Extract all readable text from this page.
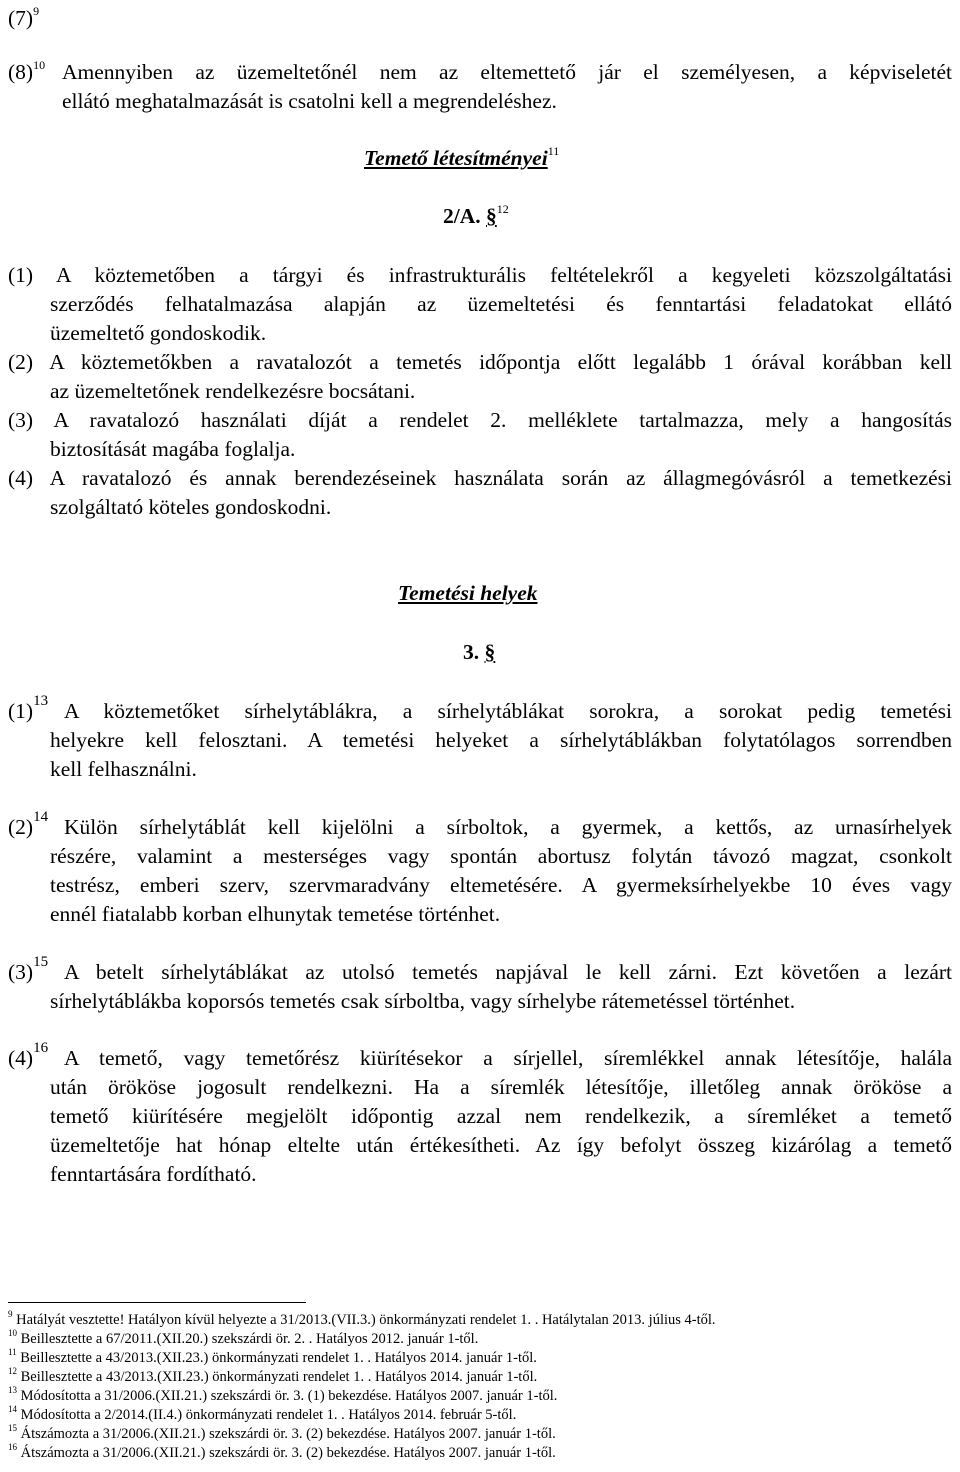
$(7)^9$
$(8)^{10}$ Amennyiben az üzemeltetőnél nem az eltemettető jár el személyesen, a képviseletét
ellátó meghatalmazását is csatolni kell a megrendeléshez.
Temető létesítményei$^{11}$
2/A. §$^{12}$
(1) A köztemetőben a tárgyi és infrastrukturális feltételekről a kegyeleti közszolgáltatási
szerződés felhatalmazása alapján az üzemeltetési és fenntartási feladatokat ellátó
üzemeltető gondoskodik.
(2) A köztemetőkben a ravatalozót a temetés időpontja előtt legalább 1 órával korábban kell
az üzemeltetőnek rendelkezésre bocsátani.
(3) A ravatalozó használati díját a rendelet 2. melléklete tartalmazza, mely a hangosítás
biztosítását magába foglalja.
(4) A ravatalozó és annak berendezéseinek használata során az állagmegóvásról a temetkezési
szolgáltató köteles gondoskodni.
Temetési helyek
3. §
$(1)^{13}$ A köztemetőket sírhelytáblákra, a sírhelytáblákat sorokra, a sorokat pedig temetési
helyekre kell felosztani. A temetési helyeket a sírhelytáblákban folytatólagos sorrendben
kell felhasználni.
$(2)^{14}$ Külön sírhelytáblát kell kijelölni a sírboltok, a gyermek, a kettős, az urnasírhelyek
részére, valamint a mesterséges vagy spontán abortusz folytán távozó magzat, csonkolt
testrész, emberi szerv, szervmaradvány eltemetésére. A gyermeksírhelyekbe 10 éves vagy
ennél fiatalabb korban elhunytak temetése történhet.
$(3)^{15}$ A betelt sírhelytáblákat az utolsó temetés napjával le kell zárni. Ezt követően a lezárt
sírhelytáblákba koporsós temetés csak sírboltba, vagy sírhelybe rátemetéssel történhet.
$(4)^{16}$ A temető, vagy temetőrész kiürítésekor a sírjellel, síremlékkel annak létesítője, halála
után örököse jogosult rendelkezni. Ha a síremlék létesítője, illetőleg annak örököse a
temető kiürítésére megjelölt időpontig azzal nem rendelkezik, a síremléket a temető
üzemeltetője hat hónap eltelte után értékesítheti. Az így befolyt összeg kizárólag a temető
fenntartására fordítható.
$^9$ Hatályát vesztette! Hatályon kívül helyezte a 31/2013.(VII.3.) önkormányzati rendelet 1. . Hatálytalan 2013. július 4-től.
$^{10}$ Beillesztette a 67/2011.(XII.20.) szekszárdi ör. 2. . Hatályos 2012. január 1-től.
$^{11}$ Beillesztette a 43/2013.(XII.23.) önkormányzati rendelet 1. . Hatályos 2014. január 1-től.
$^{12}$ Beillesztette a 43/2013.(XII.23.) önkormányzati rendelet 1. . Hatályos 2014. január 1-től.
$^{13}$ Módosította a 31/2006.(XII.21.) szekszárdi ör. 3. (1) bekezdése. Hatályos 2007. január 1-től.
$^{14}$ Módosította a 2/2014.(II.4.) önkormányzati rendelet 1. . Hatályos 2014. február 5-től.
$^{15}$ Átszámozta a 31/2006.(XII.21.) szekszárdi ör. 3. (2) bekezdése. Hatályos 2007. január 1-től.
$^{16}$ Átszámozta a 31/2006.(XII.21.) szekszárdi ör. 3. (2) bekezdése. Hatályos 2007. január 1-től.
